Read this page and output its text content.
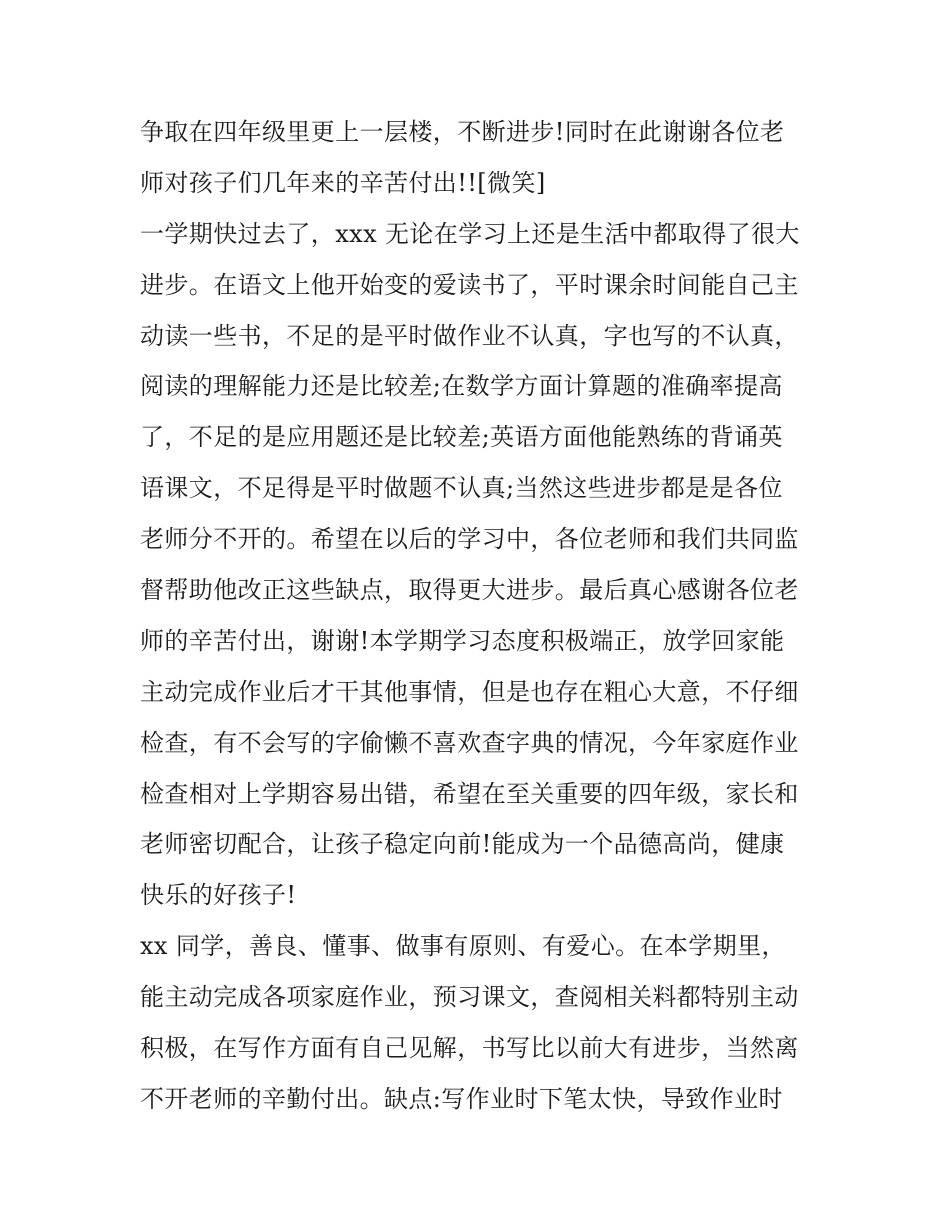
争取在四年级里更上一层楼，不断进步!同时在此谢谢各位老
师对孩子们几年来的辛苦付出!![微笑]
一学期快过去了，xxx 无论在学习上还是生活中都取得了很大
进步。在语文上他开始变的爱读书了，平时课余时间能自己主
动读一些书，不足的是平时做作业不认真，字也写的不认真，
阅读的理解能力还是比较差;在数学方面计算题的准确率提高
了，不足的是应用题还是比较差;英语方面他能熟练的背诵英
语课文，不足得是平时做题不认真;当然这些进步都是是各位
老师分不开的。希望在以后的学习中，各位老师和我们共同监
督帮助他改正这些缺点，取得更大进步。最后真心感谢各位老
师的辛苦付出，谢谢!本学期学习态度积极端正，放学回家能
主动完成作业后才干其他事情，但是也存在粗心大意，不仔细
检查，有不会写的字偷懒不喜欢查字典的情况，今年家庭作业
检查相对上学期容易出错，希望在至关重要的四年级，家长和
老师密切配合，让孩子稳定向前!能成为一个品德高尚，健康
快乐的好孩子!
xx 同学，善良、懂事、做事有原则、有爱心。在本学期里，
能主动完成各项家庭作业，预习课文，查阅相关料都特别主动
积极，在写作方面有自己见解，书写比以前大有进步，当然离
不开老师的辛勤付出。缺点:写作业时下笔太快，导致作业时
